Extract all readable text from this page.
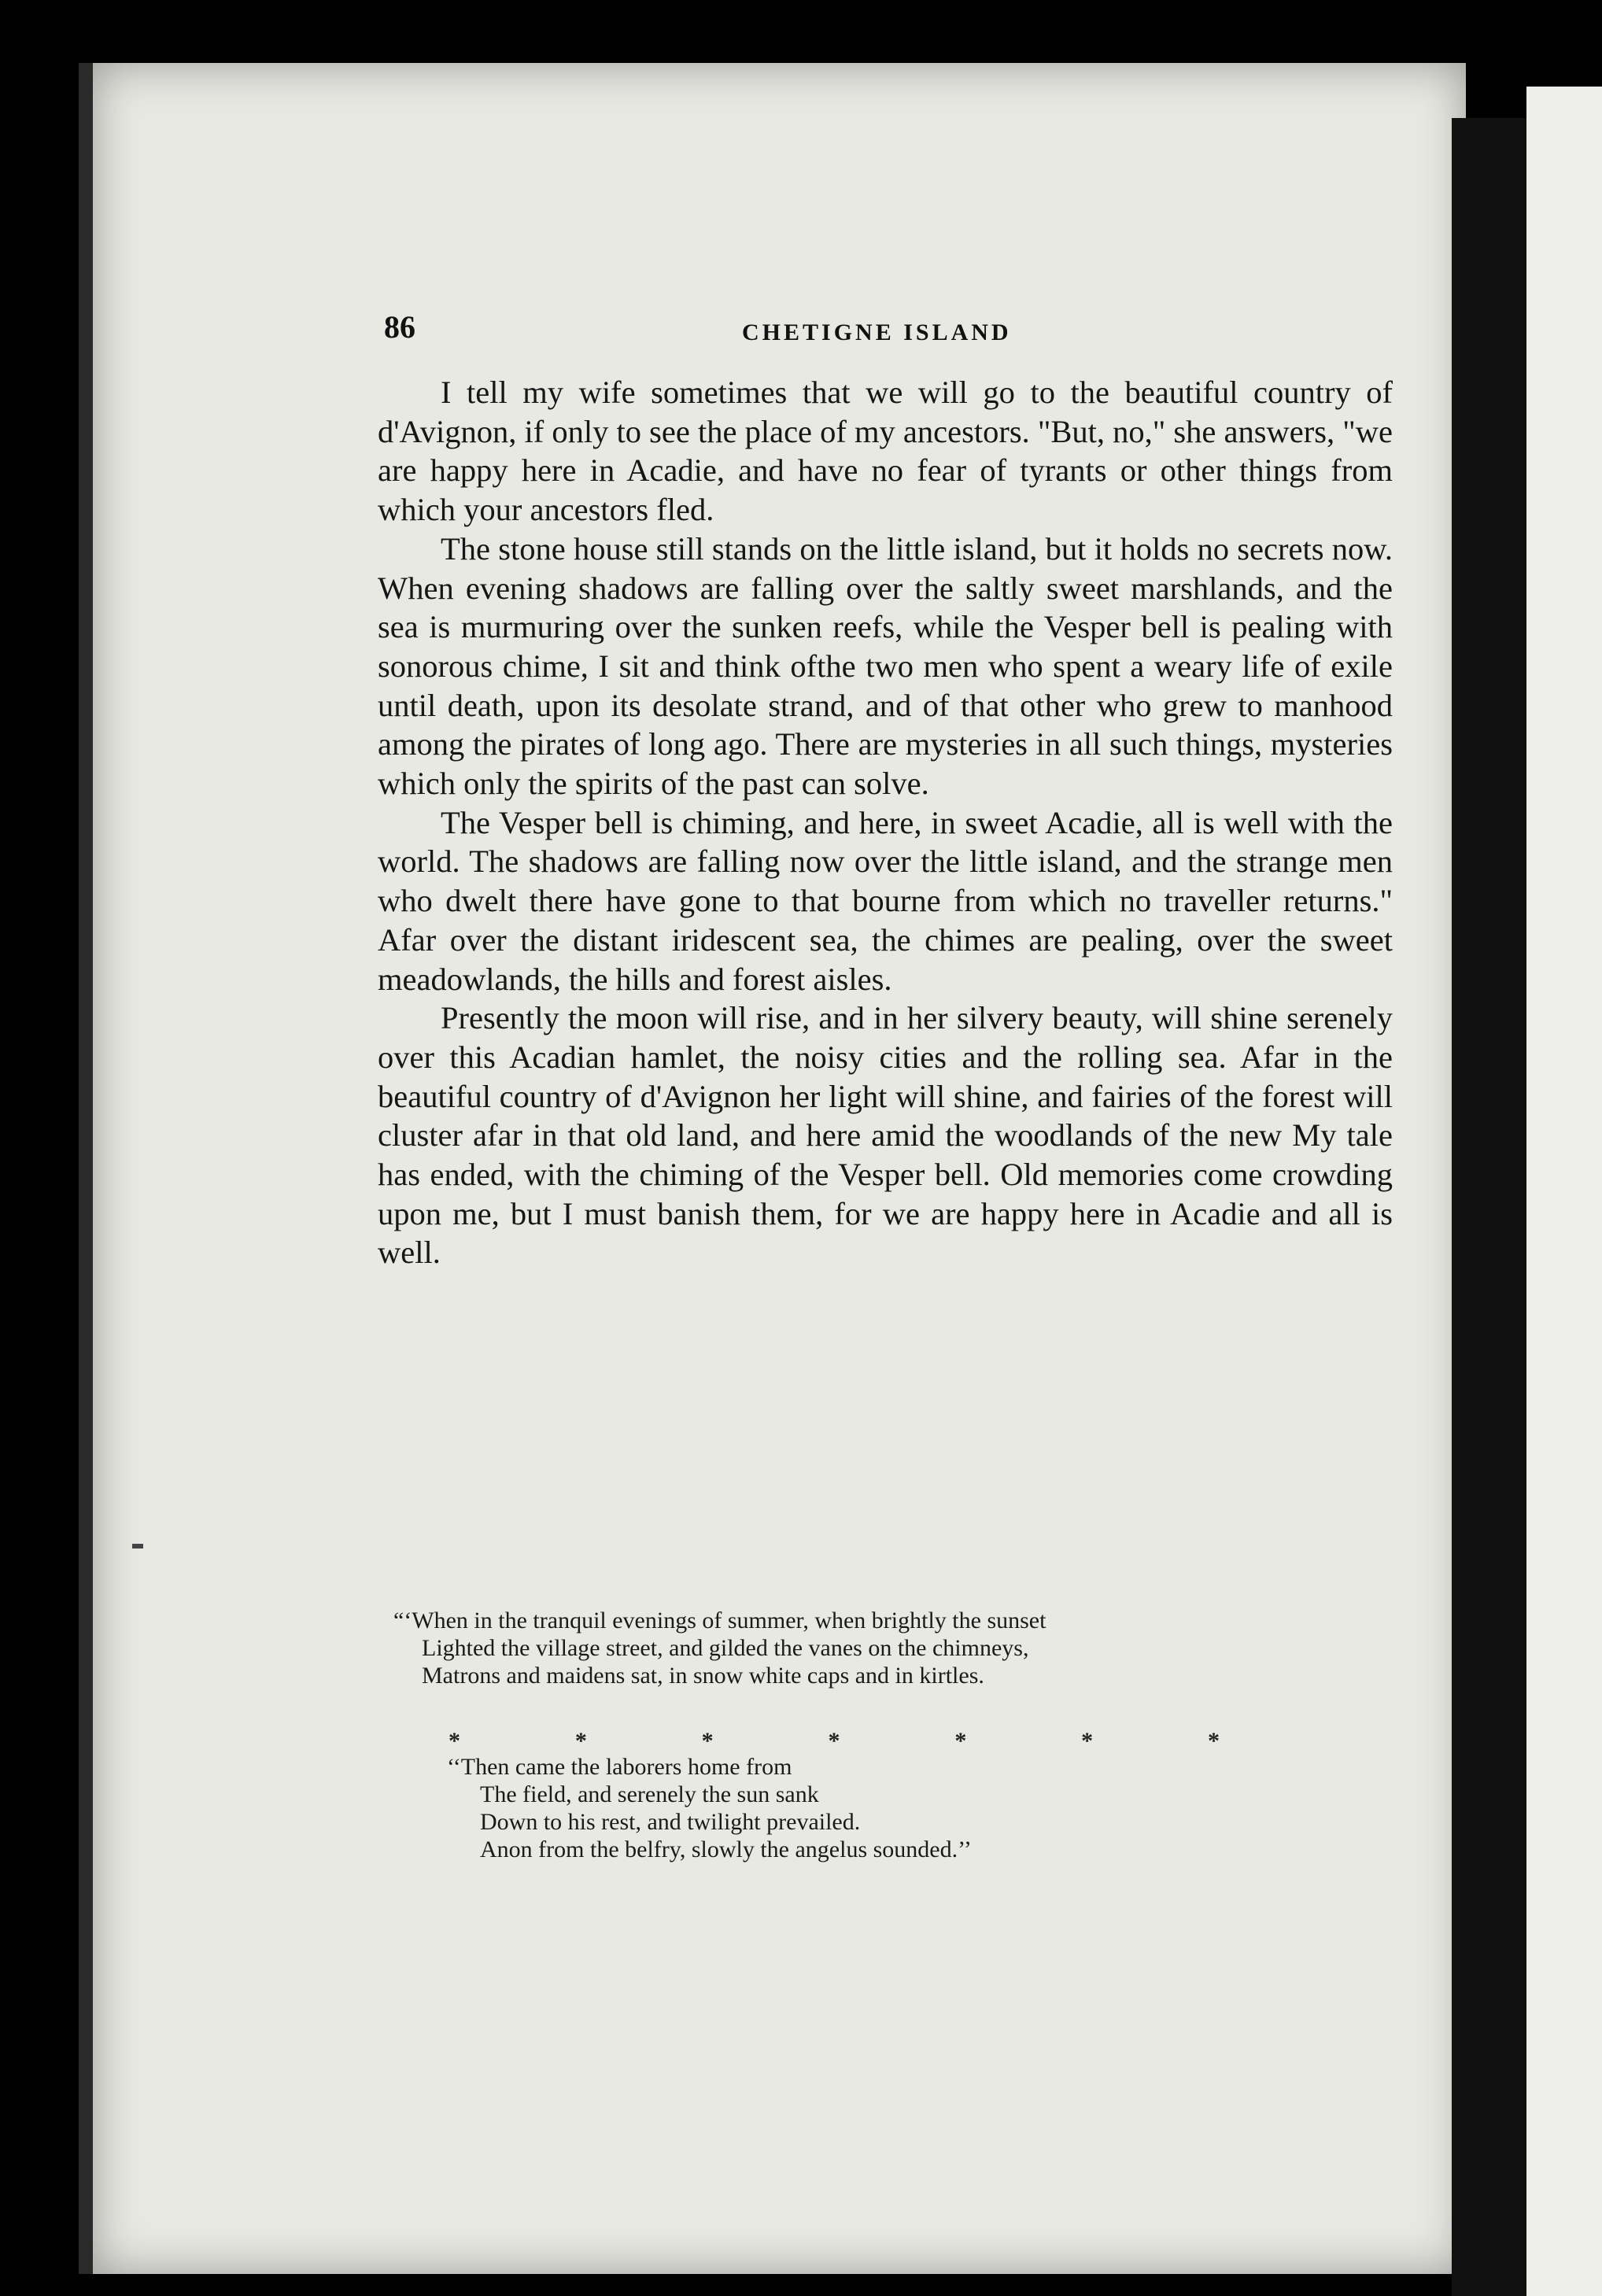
86	CHETIGNE ISLAND

I tell my wife sometimes that we will go to the beautiful country of d'Avignon, if only to see the place of my ancestors. "But, no," she answers, "we are happy here in Acadie, and have no fear of tyrants or other things from which your ancestors fled.

The stone house still stands on the little island, but it holds no secrets now. When evening shadows are falling over the saltly sweet marshlands, and the sea is murmuring over the sunken reefs, while the Vesper bell is pealing with sonorous chime, I sit and think ofthe two men who spent a weary life of exile until death, upon its desolate strand, and of that other who grew to manhood among the pirates of long ago. There are mysteries in all such things, mysteries which only the spirits of the past can solve.

The Vesper bell is chiming, and here, in sweet Acadie, all is well with the world. The shadows are falling now over the little island, and the strange men who dwelt there have gone to that bourne from which no traveller returns." Afar over the distant iridescent sea, the chimes are pealing, over the sweet meadowlands, the hills and forest aisles.

Presently the moon will rise, and in her silvery beauty, will shine serenely over this Acadian hamlet, the noisy cities and the rolling sea. Afar in the beautiful country of d'Avignon her light will shine, and fairies of the forest will cluster afar in that old land, and here amid the woodlands of the new My tale has ended, with the chiming of the Vesper bell. Old memories come crowding upon me, but I must banish them, for we are happy here in Acadie and all is well.

“‘When in the tranquil evenings of summer, when brightly the sunset
Lighted the village street, and gilded the vanes on the chimneys,
Matrons and maidens sat, in snow white caps and in kirtles.
*	*	*	*	*	*	*
‘‘Then came the laborers home from
The field, and serenely the sun sank
Down to his rest, and twilight prevailed.
Anon from the belfry, slowly the angelus sounded.’’
